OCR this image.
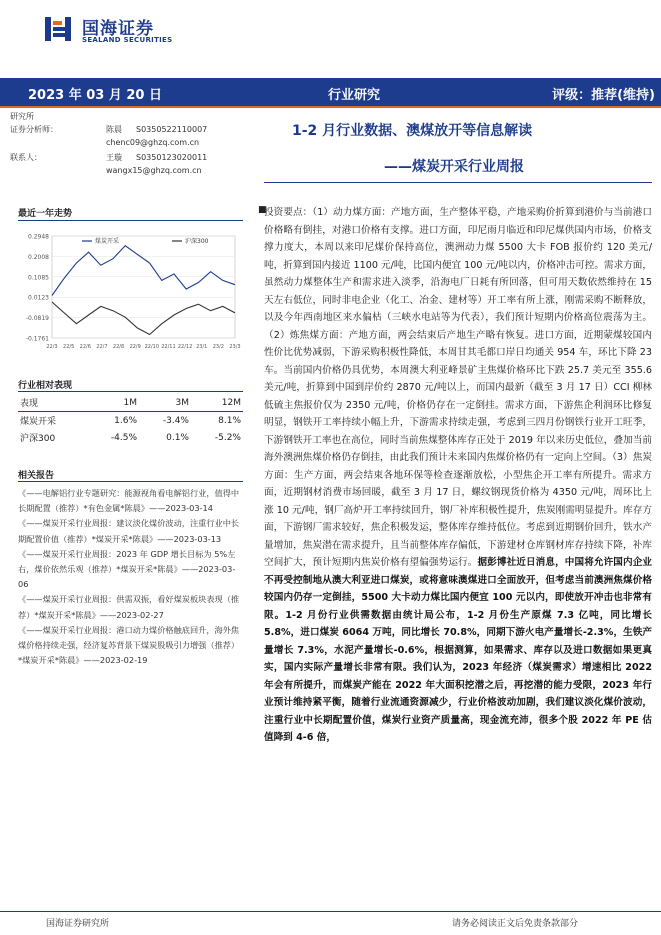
国海证券
SEALAND SECURITIES
2023 年 03 月 20 日	行业研究	评级：推荐(维持)
研究所
证券分析师：	陈晨 S0350522110007
chenc09@ghzq.com.cn
联系人：	王璇 S0350123020011
wangx15@ghzq.com.cn
1-2 月行业数据、澳煤放开等信息解读
——煤炭开采行业周报
最近一年走势
0.2948
0.2008
0.1085
0.0123
-0.0819
-0.1761
22/3 22/5 22/6 22/7 22/8 22/9 22/10 22/11 22/12 23/1 23/2 23/3
煤炭开采	沪深300
行业相对表现
表现	1M	3M	12M
煤炭开采	1.6%	-3.4%	8.1%
沪深300	-4.5%	0.1%	-5.2%
相关报告

《——电解铝行业专题研究：能源视角看电解铝行业，值得中长期配置（推荐）*有色金属*陈晨》——2023-03-14

《——煤炭开采行业周报：建议淡化煤价波动，注重行业中长期配置价值（推荐）*煤炭开采*陈晨》——2023-03-13

《——煤炭开采行业周报：2023 年 GDP 增长目标为 5%左右，煤价依然乐观（推荐）*煤炭开采*陈晨》——2023-03-06

《——煤炭开采行业周报：供需双振，看好煤炭板块表现（推荐）*煤炭开采*陈晨》——2023-02-27

《——煤炭开采行业周报：港口动力煤价格触底回升，海外焦煤价格持续走强，经济复苏背景下煤炭股吸引力增强（推荐）*煤炭开采*陈晨》——2023-02-19

■
投资要点：（1）动力煤方面：产地方面，生产整体平稳，产地采购价折算到港价与当前港口价格略有倒挂，对港口价格有支撑。进口方面，印尼雨月临近和印尼煤供国内市场，价格支撑力度大，本周以来印尼煤价保持高位，澳洲动力煤 5500 大卡 FOB 报价约 120 美元/吨，折算到国内接近 1100 元/吨，比国内便宜 100 元/吨以内，价格冲击可控。需求方面，虽然动力煤整体生产和需求进入淡季，沿海电厂日耗有所回落，但可用天数依然维持在 15 天左右低位，同时非电企业（化工、冶金、建材等）开工率有所上涨，刚需采购不断释放，以及今年西南地区来水偏枯（三峡水电站等为代表），我们预计短期内价格高位震荡为主。（2）炼焦煤方面：产地方面，两会结束后产地生产略有恢复。进口方面，近期蒙煤较国内性价比优势减弱，下游采购积极性降低，本周甘其毛都口岸日均通关 954 车，环比下降 23 车。当前国内价格仍具优势，本周澳大利亚峰景矿主焦煤价格环比下跌 25.7 美元至 355.6 美元/吨，折算到中国到岸价约 2870 元/吨以上，而国内最新（截至 3 月 17 日）CCI 柳林低硫主焦报价仅为 2350 元/吨，价格仍存在一定倒挂。需求方面，下游焦企利润环比修复明显，钢铁开工率持续小幅上升，下游需求持续走强，考虑到三四月份钢铁行业开工旺季，下游钢铁开工率也在高位，同时当前焦煤整体库存正处于 2019 年以来历史低位，叠加当前海外澳洲焦煤价格仍存倒挂，由此我们预计未来国内焦煤价格仍有一定向上空间。（3）焦炭方面：生产方面，两会结束各地环保等检查逐渐放松，小型焦企开工率有所提升。需求方面，近期钢材消费市场回暖，截至 3 月 17 日，螺纹钢现货价格为 4350 元/吨，周环比上涨 10 元/吨，钢厂高炉开工率持续回升，钢厂补库积极性提升，焦炭刚需明显提升。库存方面，下游钢厂需求较好，焦企积极发运，整体库存维持低位。考虑到近期钢价回升，铁水产量增加，焦炭潜在需求提升，且当前整体库存偏低，下游建材仓库钢材库存持续下降，补库空间扩大，预计短期内焦炭价格有望偏强势运行。据彭博社近日消息，中国将允许国内企业不再受控制地从澳大利亚进口煤炭，或将意味澳煤进口全面放开，但考虑当前澳洲焦煤价格较国内仍存一定倒挂，5500 大卡动力煤比国内便宜 100 元以内，即使放开冲击也非常有限。1-2 月份行业供需数据由统计局公布，1-2 月份生产原煤 7.3 亿吨，同比增长 5.8%，进口煤炭 6064 万吨，同比增长 70.8%，同期下游火电产量增长-2.3%，生铁产量增长 7.3%，水泥产量增长-0.6%，根据测算，如果需求、库存以及进口数据如果更真实，国内实际产量增长非常有限。我们认为，2023 年经济（煤炭需求）增速相比 2022 年会有所提升，而煤炭产能在 2022 年大面积挖潜之后，再挖潜的能力受限，2023 年行业预计维持紧平衡，随着行业流通资源减少，行业价格波动加剧，我们建议淡化煤价波动，注重行业中长期配置价值，煤炭行业资产质量高，现金流充沛，很多个股 2022 年 PE 估值降到 4-6 倍，
国海证券研究所	请务必阅读正文后免责条款部分
